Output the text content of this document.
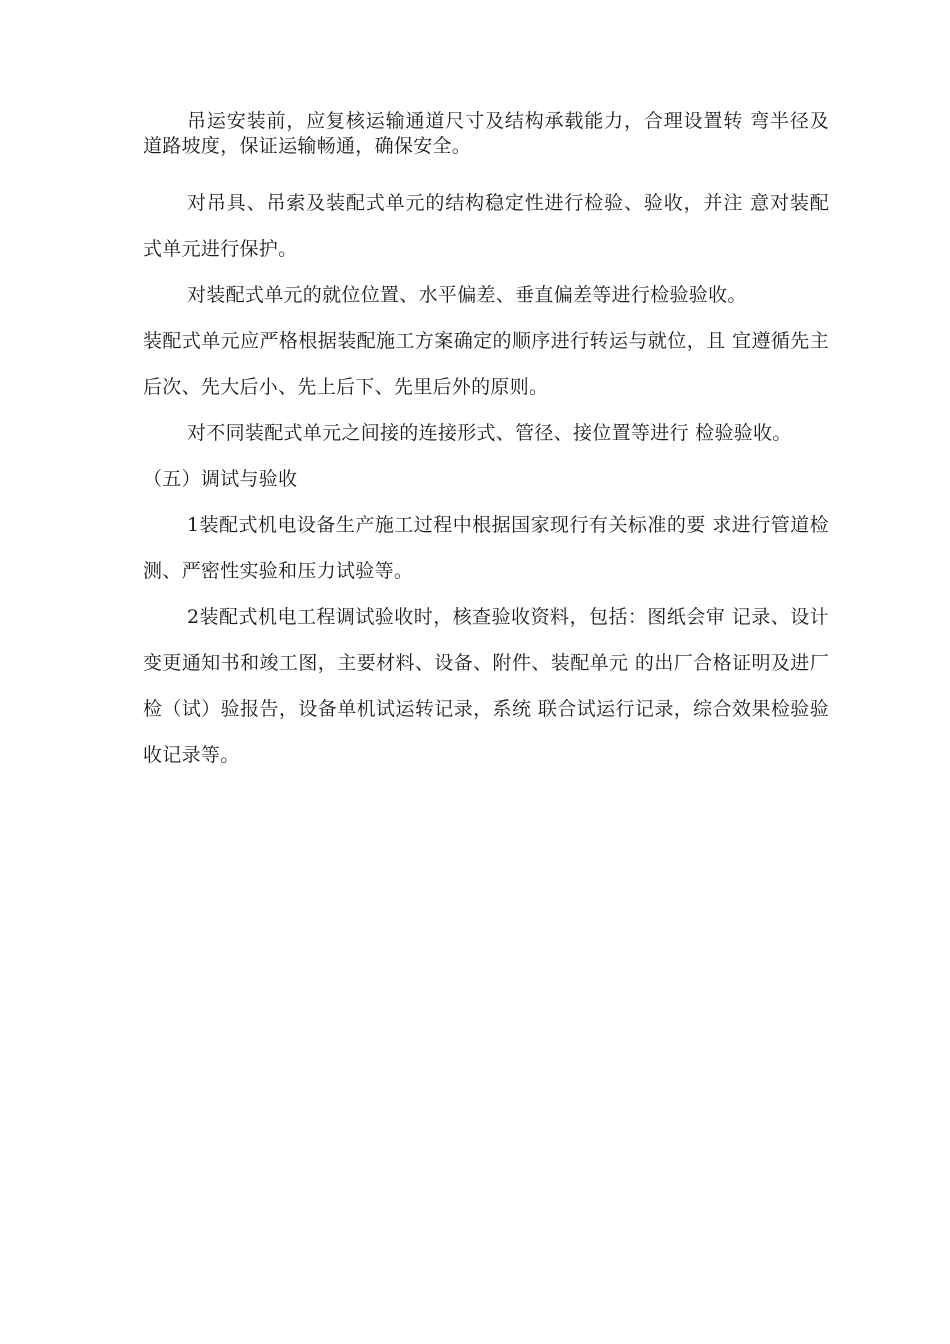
吊运安装前，应复核运输通道尺寸及结构承载能力，合理设置转 弯半径及道路坡度，保证运输畅通，确保安全。

对吊具、吊索及装配式单元的结构稳定性进行检验、验收，并注 意对装配式单元进行保护。

对装配式单元的就位位置、水平偏差、垂直偏差等进行检验验收。

装配式单元应严格根据装配施工方案确定的顺序进行转运与就位，且 宜遵循先主后次、先大后小、先上后下、先里后外的原则。

对不同装配式单元之间接的连接形式、管径、接位置等进行 检验验收。

（五）调试与验收

1装配式机电设备生产施工过程中根据国家现行有关标准的要 求进行管道检测、严密性实验和压力试验等。

2装配式机电工程调试验收时，核查验收资料，包括：图纸会审 记录、设计变更通知书和竣工图，主要材料、设备、附件、装配单元 的出厂合格证明及进厂检（试）验报告，设备单机试运转记录，系统 联合试运行记录，综合效果检验验收记录等。
